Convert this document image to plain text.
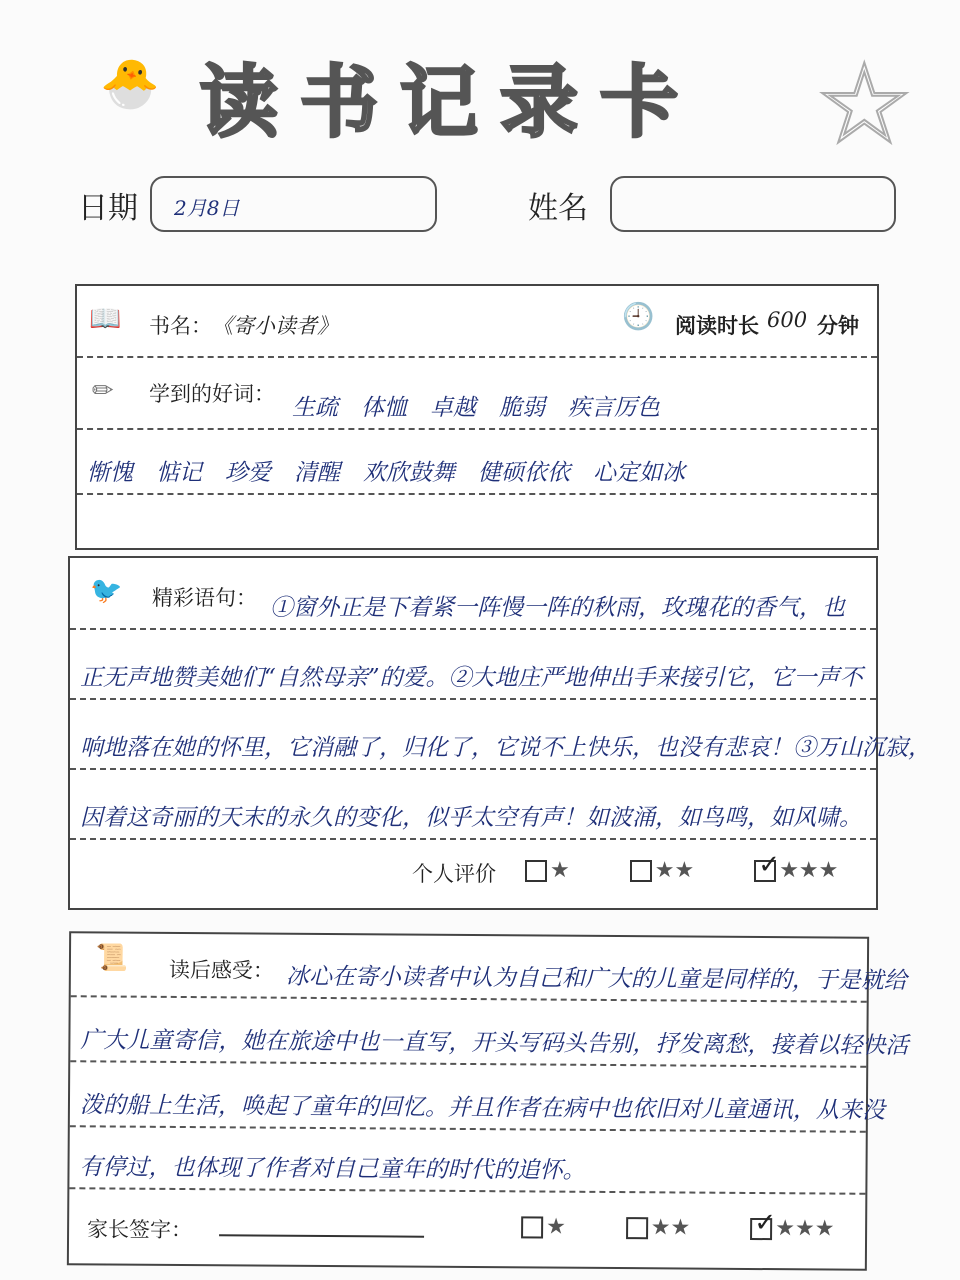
🐣 读书记录卡 ☆
日期 2月8日	姓名
📖 书名： 《寄小读者》	🕘 阅读时长 600 分钟
✏ 学到的好词：
生疏　体恤　卓越　脆弱　疾言厉色
惭愧　惦记　珍爱　清醒　欢欣鼓舞　健硕依依　心定如冰
🐦 精彩语句： ①窗外正是下着紧一阵慢一阵的秋雨，玫瑰花的香气，也
正无声地赞美她们“自然母亲”的爱。②大地庄严地伸出手来接引它，它一声不
响地落在她的怀里，它消融了，归化了，它说不上快乐，也没有悲哀！③万山沉寂，
因着这奇丽的天末的永久的变化，似乎太空有声！如波涌，如鸟鸣，如风啸。
个人评价 ★	★★ ✓	★★★
📜 读后感受： 冰心在寄小读者中认为自己和广大的儿童是同样的，于是就给
广大儿童寄信，她在旅途中也一直写，开头写码头告别，抒发离愁，接着以轻快活
泼的船上生活，唤起了童年的回忆。并且作者在病中也依旧对儿童通讯，从来没
有停过，也体现了作者对自己童年的时代的追怀。
家长签字：	★	★★ ✓	★★★
